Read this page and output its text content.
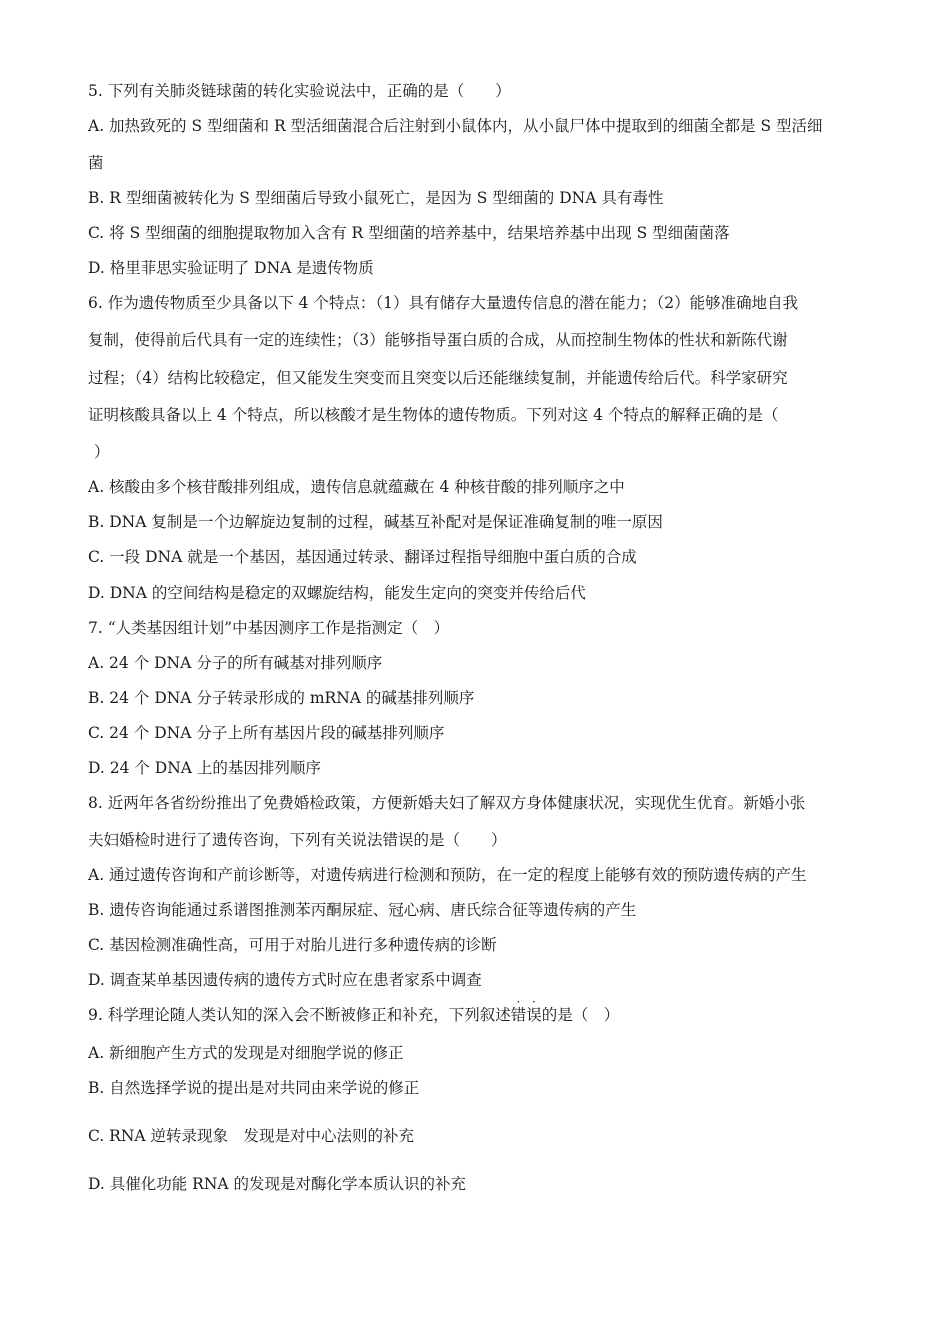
5. 下列有关肺炎链球菌的转化实验说法中，正确的是（　　）
A. 加热致死的 S 型细菌和 R 型活细菌混合后注射到小鼠体内，从小鼠尸体中提取到的细菌全都是 S 型活细
菌
B. R 型细菌被转化为 S 型细菌后导致小鼠死亡，是因为 S 型细菌的 DNA 具有毒性
C. 将 S 型细菌的细胞提取物加入含有 R 型细菌的培养基中，结果培养基中出现 S 型细菌菌落
D. 格里菲思实验证明了 DNA 是遗传物质
6. 作为遗传物质至少具备以下 4 个特点：（1）具有储存大量遗传信息的潜在能力；（2）能够准确地自我
复制，使得前后代具有一定的连续性；（3）能够指导蛋白质的合成，从而控制生物体的性状和新陈代谢
过程；（4）结构比较稳定，但又能发生突变而且突变以后还能继续复制，并能遗传给后代。科学家研究
证明核酸具备以上 4 个特点，所以核酸才是生物体的遗传物质。下列对这 4 个特点的解释正确的是（
）
A. 核酸由多个核苷酸排列组成，遗传信息就蕴藏在 4 种核苷酸的排列顺序之中
B. DNA 复制是一个边解旋边复制的过程，碱基互补配对是保证准确复制的唯一原因
C. 一段 DNA 就是一个基因，基因通过转录、翻译过程指导细胞中蛋白质的合成
D. DNA 的空间结构是稳定的双螺旋结构，能发生定向的突变并传给后代
7. “人类基因组计划”中基因测序工作是指测定（　）
A. 24 个 DNA 分子的所有碱基对排列顺序
B. 24 个 DNA 分子转录形成的 mRNA 的碱基排列顺序
C. 24 个 DNA 分子上所有基因片段的碱基排列顺序
D. 24 个 DNA 上的基因排列顺序
8. 近两年各省纷纷推出了免费婚检政策，方便新婚夫妇了解双方身体健康状况，实现优生优育。新婚小张
夫妇婚检时进行了遗传咨询，下列有关说法错误的是（　　）
A. 通过遗传咨询和产前诊断等，对遗传病进行检测和预防，在一定的程度上能够有效的预防遗传病的产生
B. 遗传咨询能通过系谱图推测苯丙酮尿症、冠心病、唐氏综合征等遗传病的产生
C. 基因检测准确性高，可用于对胎儿进行多种遗传病的诊断
D. 调查某单基因遗传病的遗传方式时应在患者家系中调查
9. 科学理论随人类认知的深入会不断被修正和补充，下列叙述
· ·
错误的是（　）
A. 新细胞产生方式的发现是对细胞学说的修正
B. 自然选择学说的提出是对共同由来学说的修正
C. RNA 逆转录现象　发现是对中心法则的补充
D. 具催化功能 RNA 的发现是对酶化学本质认识的补充
